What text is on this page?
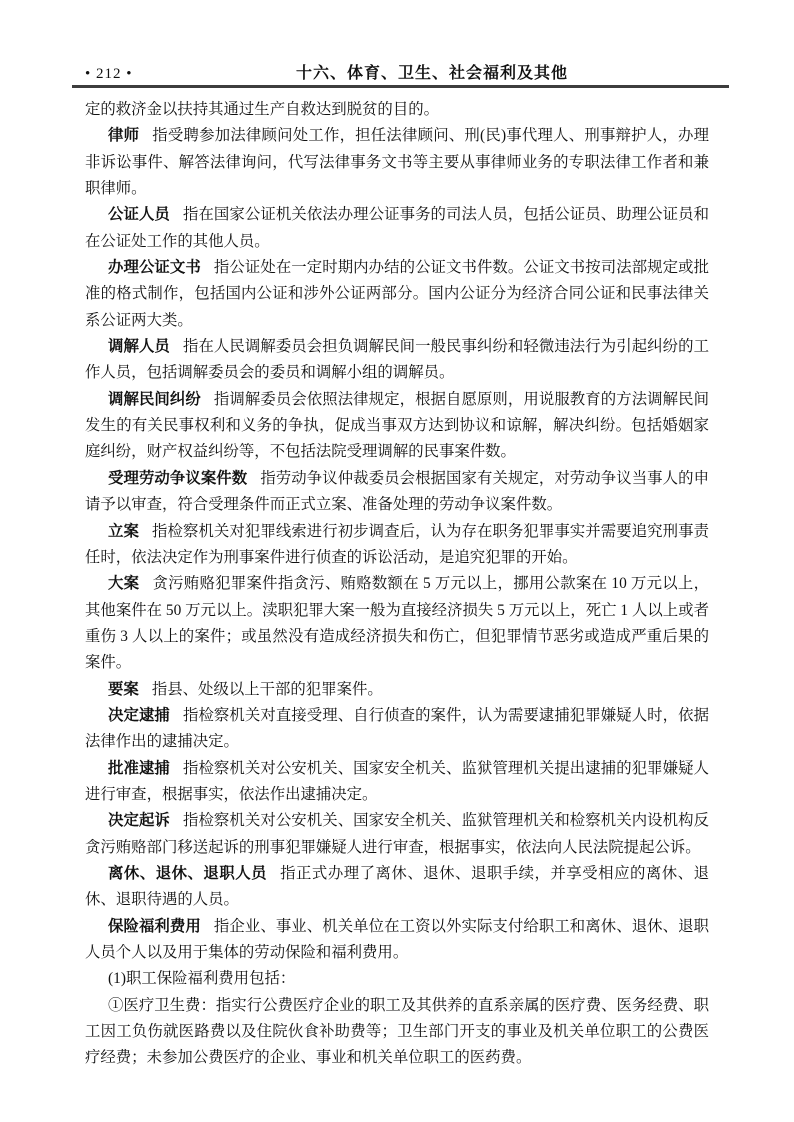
• 212 •	十六、体育、卫生、社会福利及其他

定的救济金以扶持其通过生产自救达到脱贫的目的。

律师 指受聘参加法律顾问处工作，担任法律顾问、刑(民)事代理人、刑事辩护人，办理非诉讼事件、解答法律询问，代写法律事务文书等主要从事律师业务的专职法律工作者和兼职律师。

公证人员 指在国家公证机关依法办理公证事务的司法人员，包括公证员、助理公证员和在公证处工作的其他人员。

办理公证文书 指公证处在一定时期内办结的公证文书件数。公证文书按司法部规定或批准的格式制作，包括国内公证和涉外公证两部分。国内公证分为经济合同公证和民事法律关系公证两大类。

调解人员 指在人民调解委员会担负调解民间一般民事纠纷和轻微违法行为引起纠纷的工作人员，包括调解委员会的委员和调解小组的调解员。

调解民间纠纷 指调解委员会依照法律规定，根据自愿原则，用说服教育的方法调解民间发生的有关民事权利和义务的争执，促成当事双方达到协议和谅解，解决纠纷。包括婚姻家庭纠纷，财产权益纠纷等，不包括法院受理调解的民事案件数。

受理劳动争议案件数 指劳动争议仲裁委员会根据国家有关规定，对劳动争议当事人的申请予以审查，符合受理条件而正式立案、准备处理的劳动争议案件数。

立案 指检察机关对犯罪线索进行初步调查后，认为存在职务犯罪事实并需要追究刑事责任时，依法决定作为刑事案件进行侦查的诉讼活动，是追究犯罪的开始。

大案 贪污贿赂犯罪案件指贪污、贿赂数额在 5 万元以上，挪用公款案在 10 万元以上，其他案件在 50 万元以上。渎职犯罪大案一般为直接经济损失 5 万元以上，死亡 1 人以上或者重伤 3 人以上的案件；或虽然没有造成经济损失和伤亡，但犯罪情节恶劣或造成严重后果的案件。

要案 指县、处级以上干部的犯罪案件。

决定逮捕 指检察机关对直接受理、自行侦查的案件，认为需要逮捕犯罪嫌疑人时，依据法律作出的逮捕决定。

批准逮捕 指检察机关对公安机关、国家安全机关、监狱管理机关提出逮捕的犯罪嫌疑人进行审查，根据事实，依法作出逮捕决定。

决定起诉 指检察机关对公安机关、国家安全机关、监狱管理机关和检察机关内设机构反贪污贿赂部门移送起诉的刑事犯罪嫌疑人进行审查，根据事实，依法向人民法院提起公诉。

离休、退休、退职人员 指正式办理了离休、退休、退职手续，并享受相应的离休、退休、退职待遇的人员。

保险福利费用 指企业、事业、机关单位在工资以外实际支付给职工和离休、退休、退职人员个人以及用于集体的劳动保险和福利费用。

(1)职工保险福利费用包括：

①医疗卫生费：指实行公费医疗企业的职工及其供养的直系亲属的医疗费、医务经费、职工因工负伤就医路费以及住院伙食补助费等；卫生部门开支的事业及机关单位职工的公费医疗经费；未参加公费医疗的企业、事业和机关单位职工的医药费。
